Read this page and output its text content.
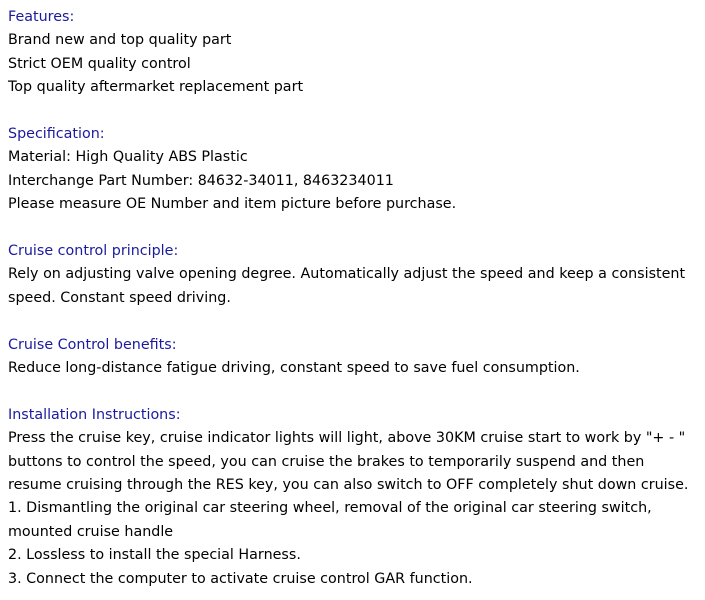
Features:
Brand new and top quality part
Strict OEM quality control
Top quality aftermarket replacement part
Specification:
Material: High Quality ABS Plastic
Interchange Part Number: 84632-34011, 8463234011
Please measure OE Number and item picture before purchase.
Cruise control principle:
Rely on adjusting valve opening degree. Automatically adjust the speed and keep a consistent speed. Constant speed driving.
Cruise Control benefits:
Reduce long-distance fatigue driving, constant speed to save fuel consumption.
Installation Instructions:
Press the cruise key, cruise indicator lights will light, above 30KM cruise start to work by "+ - " buttons to control the speed, you can cruise the brakes to temporarily suspend and then resume cruising through the RES key, you can also switch to OFF completely shut down cruise.
1. Dismantling the original car steering wheel, removal of the original car steering switch, mounted cruise handle
2. Lossless to install the special Harness.
3. Connect the computer to activate cruise control GAR function.
